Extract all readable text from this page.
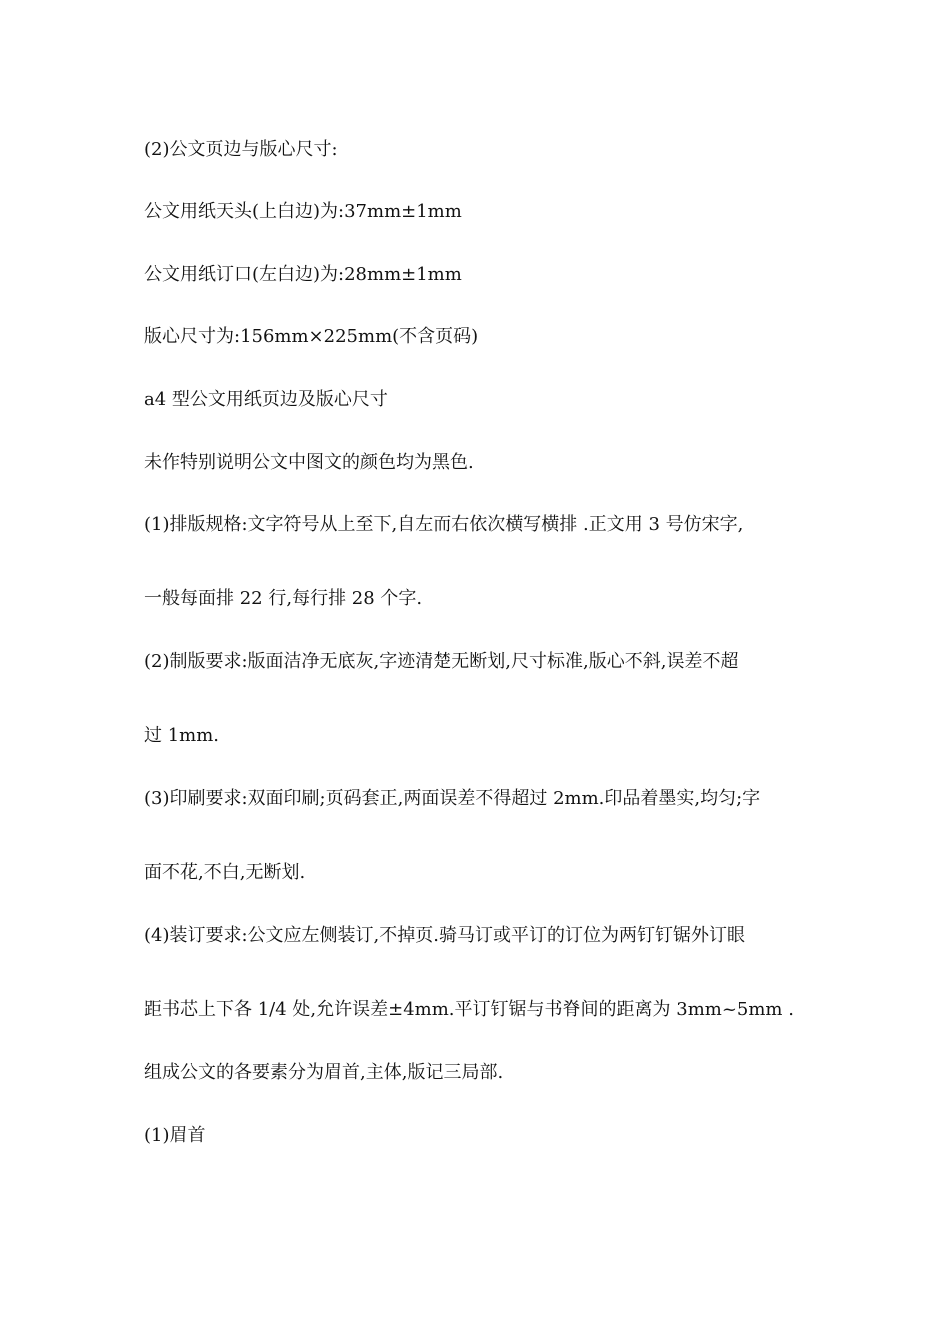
(2)公文页边与版心尺寸:
公文用纸天头(上白边)为:37mm±1mm
公文用纸订口(左白边)为:28mm±1mm
版心尺寸为:156mm×225mm(不含页码)
a4 型公文用纸页边及版心尺寸
未作特别说明公文中图文的颜色均为黑色.
(1)排版规格:文字符号从上至下,自左而右依次横写横排 .正文用 3 号仿宋字,
一般每面排 22 行,每行排 28 个字.
(2)制版要求:版面洁净无底灰,字迹清楚无断划,尺寸标准,版心不斜,误差不超
过 1mm.
(3)印刷要求:双面印刷;页码套正,两面误差不得超过 2mm.印品着墨实,均匀;字
面不花,不白,无断划.
(4)装订要求:公文应左侧装订,不掉页.骑马订或平订的订位为两钉钉锯外订眼
距书芯上下各 1/4 处,允许误差±4mm.平订钉锯与书脊间的距离为 3mm~5mm .
组成公文的各要素分为眉首,主体,版记三局部.
(1)眉首
